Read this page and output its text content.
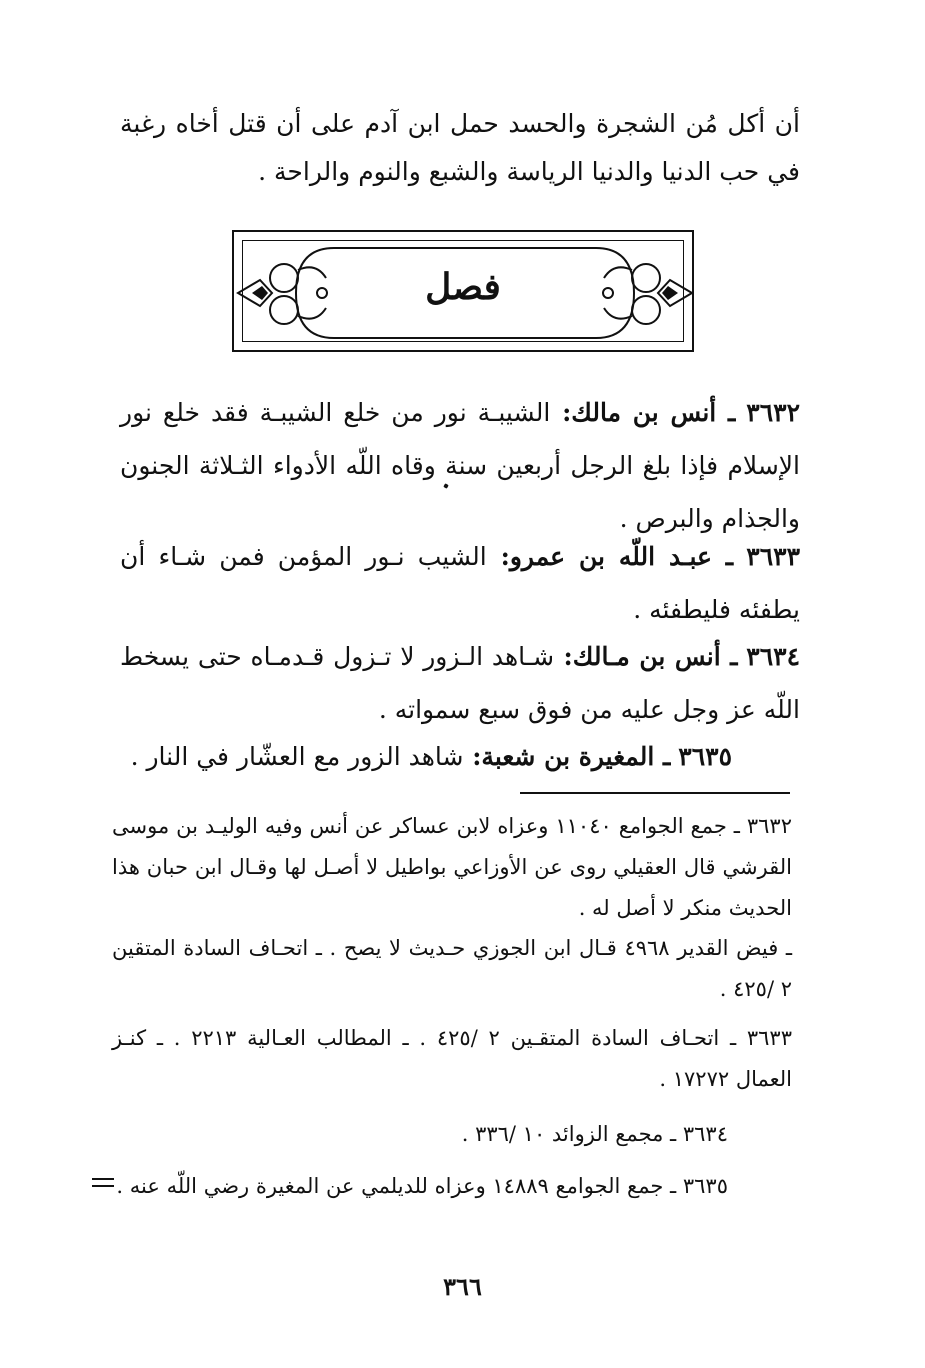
أن أكل مُن الشجرة والحسد حمل ابن آدم على أن قتل أخاه رغبة في حب الدنيا والدنيا الرياسة والشبع والنوم والراحة .

فصل

٣٦٣٢ ـ أنس بن مالك: الشيبـة نور من خلع الشيبـة فقد خلع نور الإسلام فإذا بلغ الرجل أربعين سنة وقاه اللّه الأدواء الثـلاثة الجنون والجذام والبرص .

٣٦٣٣ ـ عبـد اللّه بن عمرو: الشيب نـور المؤمن فمن شـاء أن يطفئه فليطفئه .

٣٦٣٤ ـ أنس بن مـالك: شـاهد الـزور لا تـزول قـدمـاه حتى يسخط اللّه عز وجل عليه من فوق سبع سمواته .

٣٦٣٥ ـ المغيرة بن شعبة: شاهد الزور مع العشّار في النار .

٣٦٣٢ ـ جمع الجوامع ١١٠٤٠ وعزاه لابن عساكر عن أنس وفيه الوليـد بن موسى القرشي قال العقيلي روى عن الأوزاعي بواطيل لا أصـل لها وقـال ابن حبان هذا الحديث منكر لا أصل له .

ـ فيض القدير ٤٩٦٨ قـال ابن الجوزي حـديث لا يصح . ـ اتحـاف السادة المتقين ٢ /٤٢٥ .

٣٦٣٣ ـ اتحـاف السادة المتقـين ٢ /٤٢٥ . ـ المطالب العـالية ٢٢١٣ . ـ كنـز العمال ١٧٢٧٢ .

٣٦٣٤ ـ مجمع الزوائد ١٠ /٣٣٦ .

٣٦٣٥ ـ جمع الجوامع ١٤٨٨٩ وعزاه للديلمي عن المغيرة رضي اللّه عنه .

٣٦٦
